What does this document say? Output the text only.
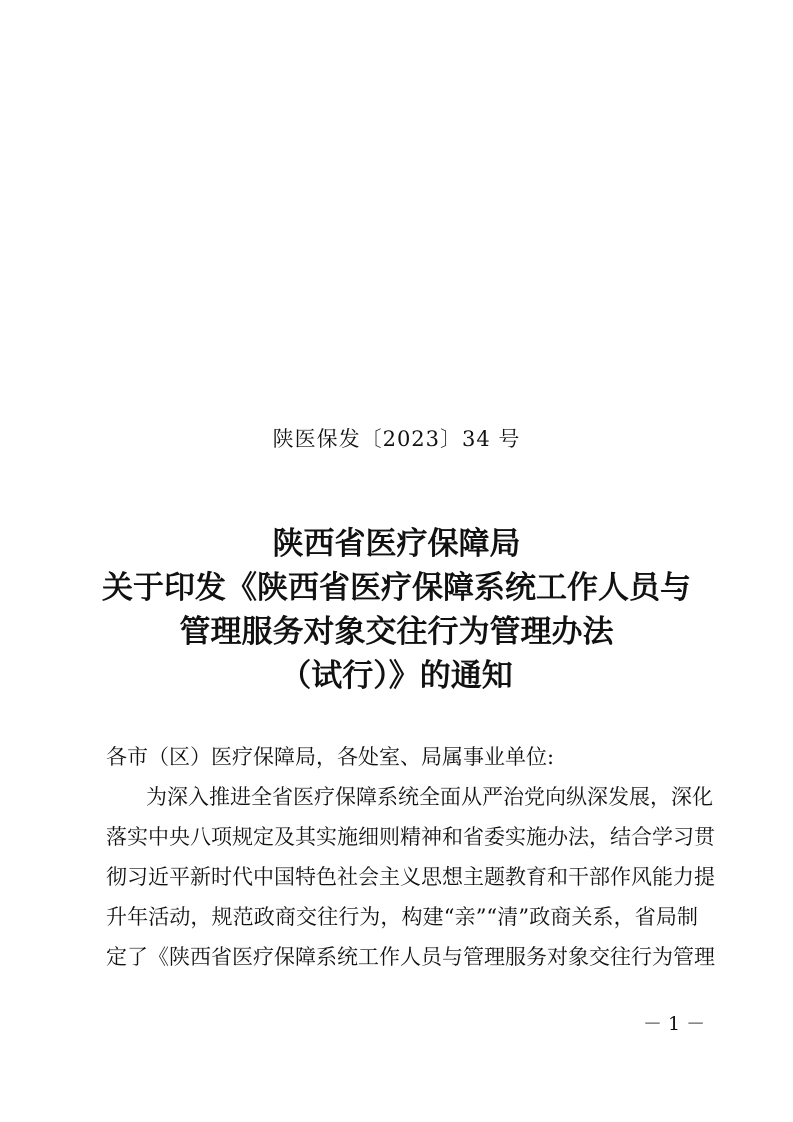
陕医保发〔2023〕34 号
陕西省医疗保障局
关于印发《陕西省医疗保障系统工作人员与
管理服务对象交往行为管理办法
（试行）》的通知
各市（区）医疗保障局，各处室、局属事业单位:
为深入推进全省医疗保障系统全面从严治党向纵深发展，深化
落实中央八项规定及其实施细则精神和省委实施办法，结合学习贯
彻习近平新时代中国特色社会主义思想主题教育和干部作风能力提
升年活动，规范政商交往行为，构建“亲”“清”政商关系，省局制
定了《陕西省医疗保障系统工作人员与管理服务对象交往行为管理
－ 1 －
